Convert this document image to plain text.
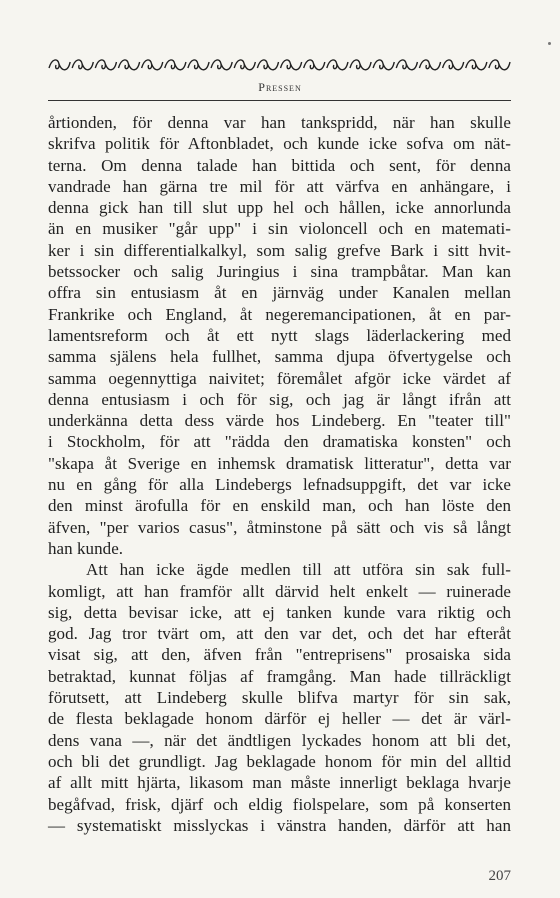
Pressen
årtionden, för denna var han tankspridd, när han skulle
skrifva politik för Aftonbladet, och kunde icke sofva om nät-
terna. Om denna talade han bittida och sent, för denna
vandrade han gärna tre mil för att värfva en anhängare, i
denna gick han till slut upp hel och hållen, icke annorlunda
än en musiker "går upp" i sin violoncell och en matemati-
ker i sin differentialkalkyl, som salig grefve Bark i sitt hvit-
betssocker och salig Juringius i sina trampbåtar. Man kan
offra sin entusiasm åt en järnväg under Kanalen mellan
Frankrike och England, åt negeremancipationen, åt en par-
lamentsreform och åt ett nytt slags läderlackering med
samma själens hela fullhet, samma djupa öfvertygelse och
samma oegennyttiga naivitet; föremålet afgör icke värdet af
denna entusiasm i och för sig, och jag är långt ifrån att
underkänna detta dess värde hos Lindeberg. En "teater till"
i Stockholm, för att "rädda den dramatiska konsten" och
"skapa åt Sverige en inhemsk dramatisk litteratur", detta var
nu en gång för alla Lindebergs lefnadsuppgift, det var icke
den minst ärofulla för en enskild man, och han löste den
äfven, "per varios casus", åtminstone på sätt och vis så långt
han kunde.
Att han icke ägde medlen till att utföra sin sak full-
komligt, att han framför allt därvid helt enkelt — ruinerade
sig, detta bevisar icke, att ej tanken kunde vara riktig och
god. Jag tror tvärt om, att den var det, och det har efteråt
visat sig, att den, äfven från "entreprisens" prosaiska sida
betraktad, kunnat följas af framgång. Man hade tillräckligt
förutsett, att Lindeberg skulle blifva martyr för sin sak,
de flesta beklagade honom därför ej heller — det är värl-
dens vana —, när det ändtligen lyckades honom att bli det,
och bli det grundligt. Jag beklagade honom för min del alltid
af allt mitt hjärta, likasom man måste innerligt beklaga hvarje
begåfvad, frisk, djärf och eldig fiolspelare, som på konserten
— systematiskt misslyckas i vänstra handen, därför att han
207
